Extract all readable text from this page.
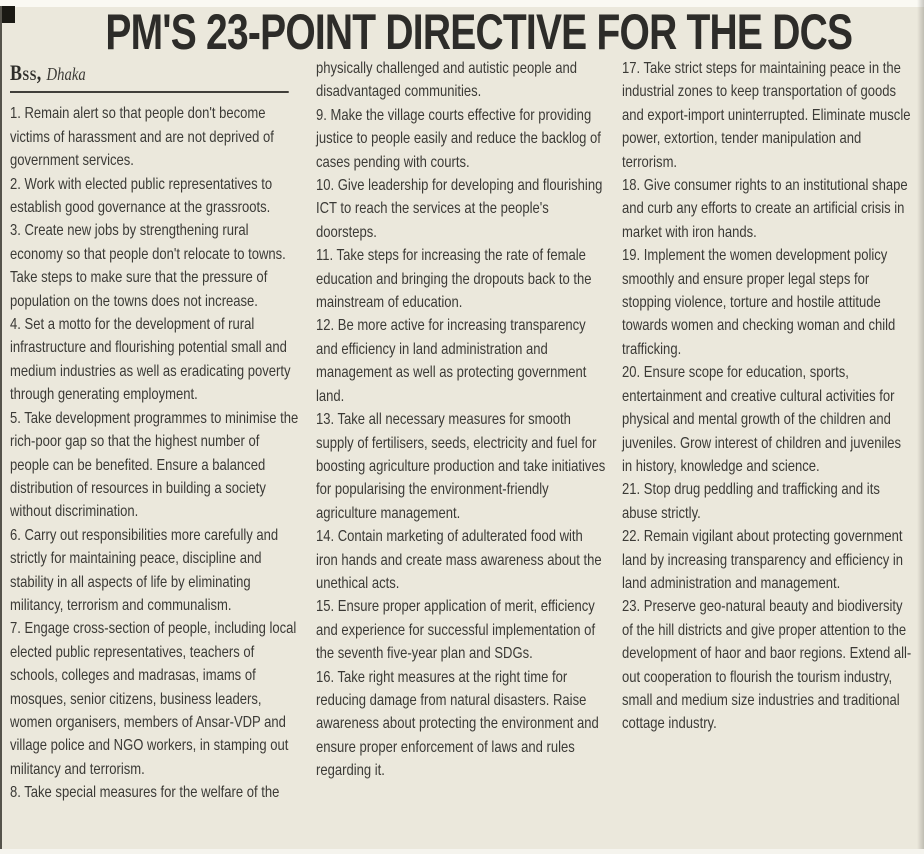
PM'S 23-POINT DIRECTIVE FOR THE DCS
Bss, Dhaka

1. Remain alert so that people don't become victims of harassment and are not deprived of government services.

2. Work with elected public representatives to establish good governance at the grassroots.

3. Create new jobs by strengthening rural economy so that people don't relocate to towns. Take steps to make sure that the pressure of population on the towns does not increase.

4. Set a motto for the development of rural infrastructure and flourishing potential small and medium industries as well as eradicating poverty through generating employment.

5. Take development programmes to minimise the rich-poor gap so that the highest number of people can be benefited. Ensure a balanced distribution of resources in building a society without discrimination.

6. Carry out responsibilities more carefully and strictly for maintaining peace, discipline and stability in all aspects of life by eliminating militancy, terrorism and communalism.

7. Engage cross-section of people, including local elected public representatives, teachers of schools, colleges and madrasas, imams of mosques, senior citizens, business leaders, women organisers, members of Ansar-VDP and village police and NGO workers, in stamping out militancy and terrorism.

8. Take special measures for the welfare of the

physically challenged and autistic people and disadvantaged communities.

9. Make the village courts effective for providing justice to people easily and reduce the backlog of cases pending with courts.

10. Give leadership for developing and flourishing ICT to reach the services at the people's doorsteps.

11. Take steps for increasing the rate of female education and bringing the dropouts back to the mainstream of education.

12. Be more active for increasing transparency and efficiency in land administration and management as well as protecting government land.

13. Take all necessary measures for smooth supply of fertilisers, seeds, electricity and fuel for boosting agriculture production and take initiatives for popularising the environment-friendly agriculture management.

14. Contain marketing of adulterated food with iron hands and create mass awareness about the unethical acts.

15. Ensure proper application of merit, efficiency and experience for successful implementation of the seventh five-year plan and SDGs.

16. Take right measures at the right time for reducing damage from natural disasters. Raise awareness about protecting the environment and ensure proper enforcement of laws and rules regarding it.

17. Take strict steps for maintaining peace in the industrial zones to keep transportation of goods and export-import uninterrupted. Eliminate muscle power, extortion, tender manipulation and terrorism.

18. Give consumer rights to an institutional shape and curb any efforts to create an artificial crisis in market with iron hands.

19. Implement the women development policy smoothly and ensure proper legal steps for stopping violence, torture and hostile attitude towards women and checking woman and child trafficking.

20. Ensure scope for education, sports, entertainment and creative cultural activities for physical and mental growth of the children and juveniles. Grow interest of children and juveniles in history, knowledge and science.

21. Stop drug peddling and trafficking and its abuse strictly.

22. Remain vigilant about protecting government land by increasing transparency and efficiency in land administration and management.

23. Preserve geo-natural beauty and biodiversity of the hill districts and give proper attention to the development of haor and baor regions. Extend all-out cooperation to flourish the tourism industry, small and medium size industries and traditional cottage industry.
